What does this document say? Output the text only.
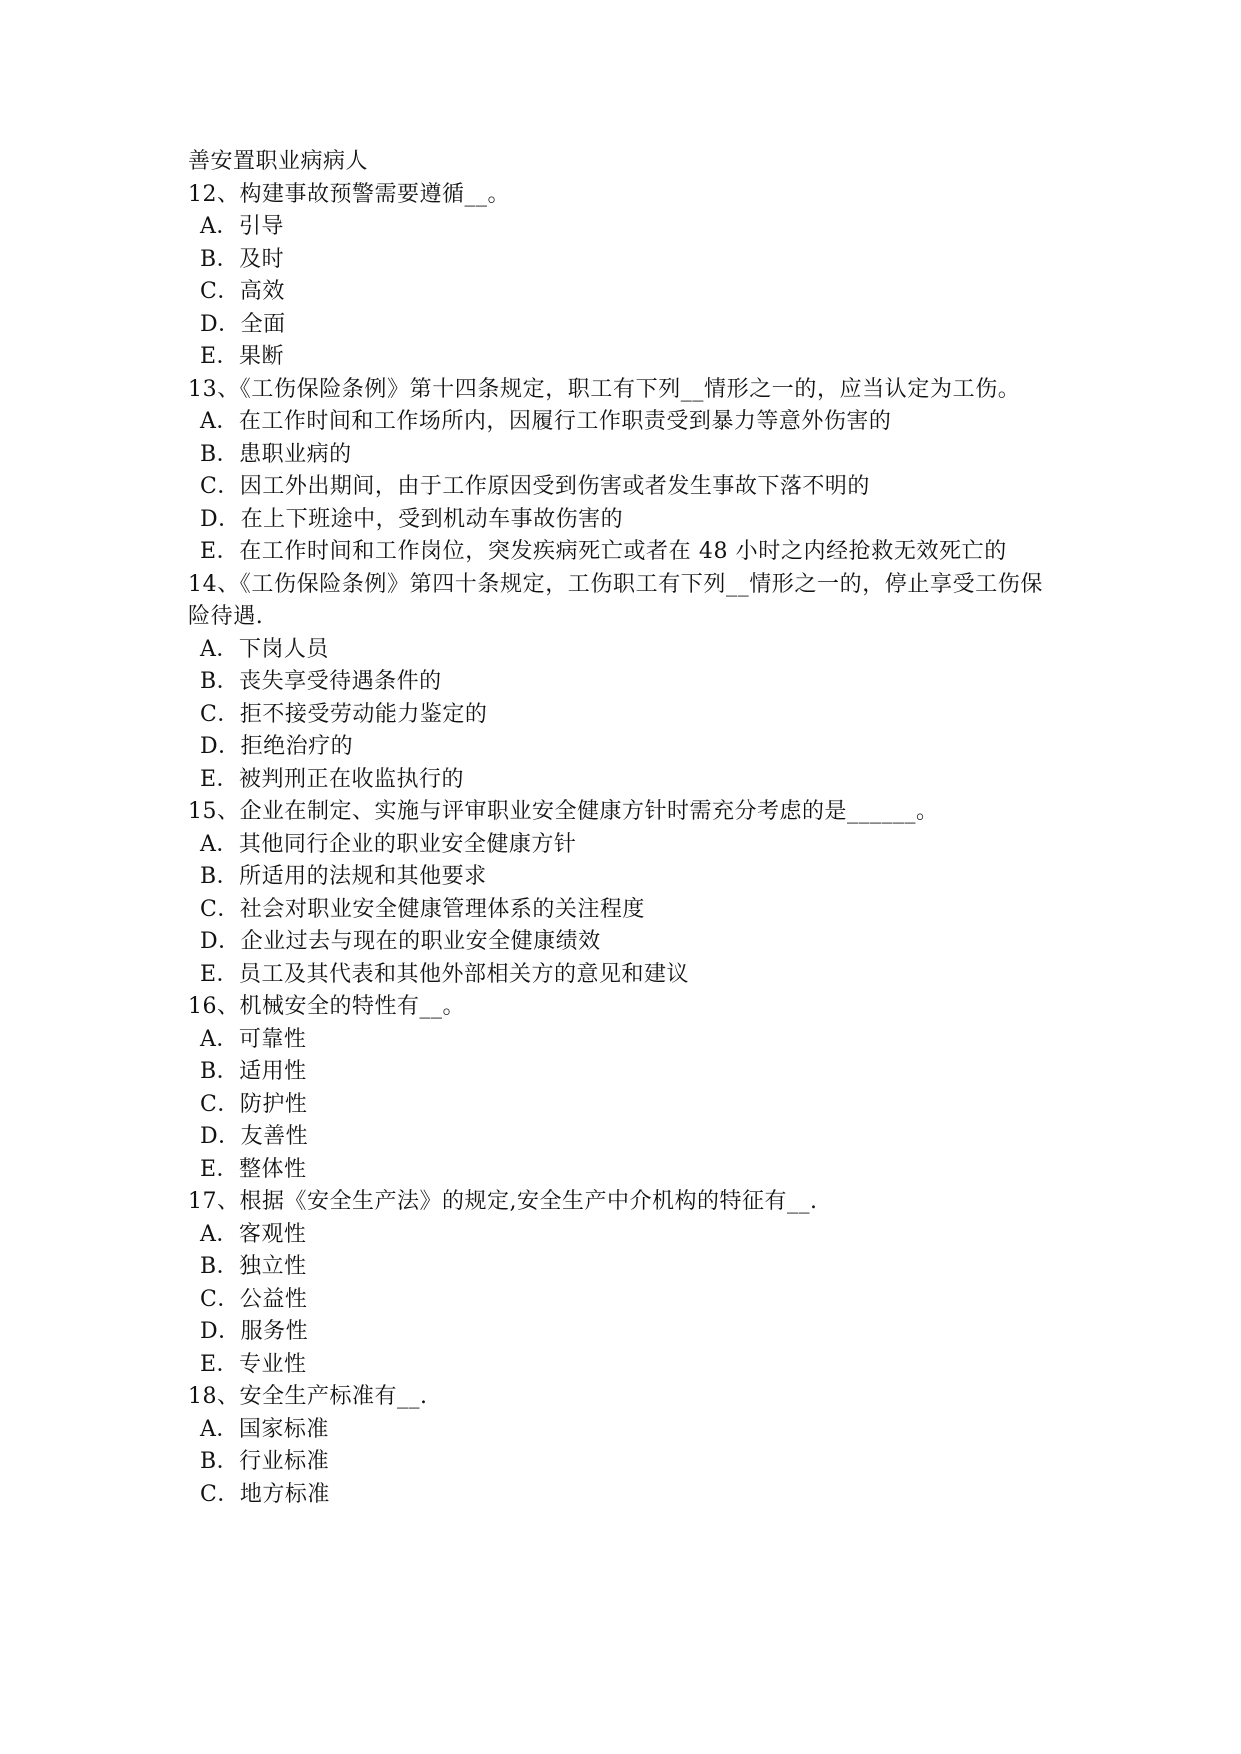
善安置职业病病人
12、构建事故预警需要遵循__。
A．引导
B．及时
C．高效
D．全面
E．果断
13、《工伤保险条例》第十四条规定，职工有下列__情形之一的，应当认定为工伤。
A．在工作时间和工作场所内，因履行工作职责受到暴力等意外伤害的
B．患职业病的
C．因工外出期间，由于工作原因受到伤害或者发生事故下落不明的
D．在上下班途中，受到机动车事故伤害的
E．在工作时间和工作岗位，突发疾病死亡或者在 48 小时之内经抢救无效死亡的
14、《工伤保险条例》第四十条规定，工伤职工有下列__情形之一的，停止享受工伤保险待遇.
A．下岗人员
B．丧失享受待遇条件的
C．拒不接受劳动能力鉴定的
D．拒绝治疗的
E．被判刑正在收监执行的
15、企业在制定、实施与评审职业安全健康方针时需充分考虑的是______。
A．其他同行企业的职业安全健康方针
B．所适用的法规和其他要求
C．社会对职业安全健康管理体系的关注程度
D．企业过去与现在的职业安全健康绩效
E．员工及其代表和其他外部相关方的意见和建议
16、机械安全的特性有__。
A．可靠性
B．适用性
C．防护性
D．友善性
E．整体性
17、根据《安全生产法》的规定,安全生产中介机构的特征有__.
A．客观性
B．独立性
C．公益性
D．服务性
E．专业性
18、安全生产标准有__.
A．国家标准
B．行业标准
C．地方标准
